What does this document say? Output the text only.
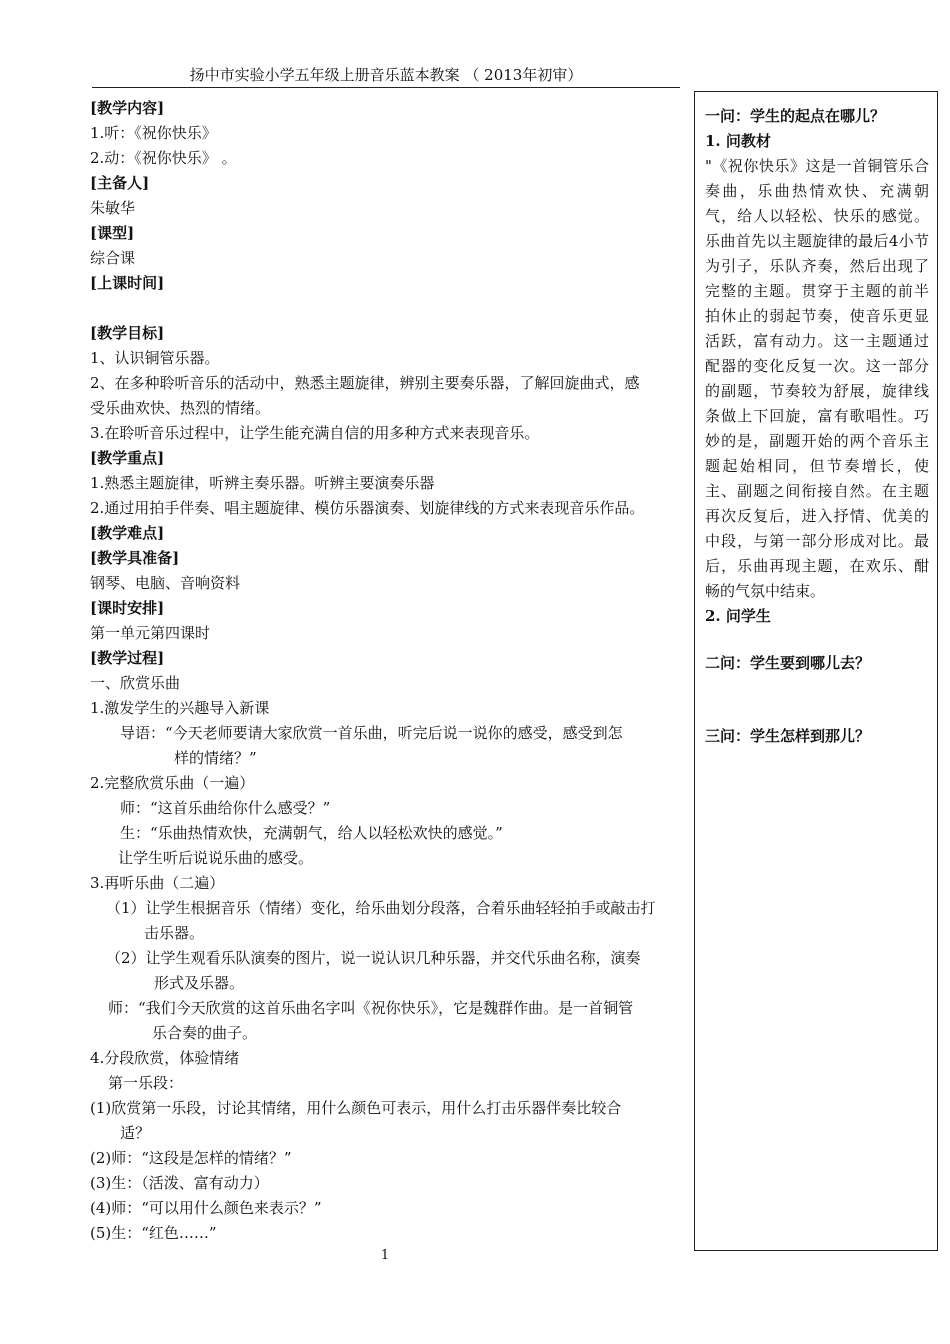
扬中市实验小学五年级上册音乐蓝本教案 （ 2013年初审）

[教学内容]

1.听：《祝你快乐》

2.动：《祝你快乐》 。

[主备人]

朱敏华

[课型]

综合课

[上课时间]

[教学目标]

1、认识铜管乐器。

2、在多种聆听音乐的活动中，熟悉主题旋律，辨别主要奏乐器，了解回旋曲式，感

受乐曲欢快、热烈的情绪。

3.在聆听音乐过程中，让学生能充满自信的用多种方式来表现音乐。

[教学重点]

1.熟悉主题旋律，听辨主奏乐器。听辨主要演奏乐器

2.通过用拍手伴奏、唱主题旋律、模仿乐器演奏、划旋律线的方式来表现音乐作品。

[教学难点]

[教学具准备]

钢琴、电脑、音响资料

[课时安排]

第一单元第四课时

[教学过程]

一、欣赏乐曲

1.激发学生的兴趣导入新课

导语：“今天老师要请大家欣赏一首乐曲，听完后说一说你的感受，感受到怎

样的情绪？”

2.完整欣赏乐曲（一遍）

师：“这首乐曲给你什么感受？”

生：“乐曲热情欢快，充满朝气，给人以轻松欢快的感觉。”

让学生听后说说乐曲的感受。

3.再听乐曲（二遍）

（1）让学生根据音乐（情绪）变化，给乐曲划分段落，合着乐曲轻轻拍手或敲击打

击乐器。

（2）让学生观看乐队演奏的图片，说一说认识几种乐器，并交代乐曲名称，演奏

形式及乐器。

师：“我们今天欣赏的这首乐曲名字叫《祝你快乐》，它是魏群作曲。是一首铜管

乐合奏的曲子。

4.分段欣赏，体验情绪

第一乐段：

(1)欣赏第一乐段，讨论其情绪，用什么颜色可表示，用什么打击乐器伴奏比较合

适？

(2)师：“这段是怎样的情绪？”

(3)生：（活泼、富有动力）

(4)师：“可以用什么颜色来表示？”

(5)生：“红色……”

一问：学生的起点在哪儿？

1. 问教材

"《祝你快乐》这是一首铜管乐合奏曲，乐曲热情欢快、充满朝气，给人以轻松、快乐的感觉。乐曲首先以主题旋律的最后4小节为引子，乐队齐奏，然后出现了完整的主题。贯穿于主题的前半拍休止的弱起节奏，使音乐更显活跃，富有动力。这一主题通过配器的变化反复一次。这一部分的副题，节奏较为舒展，旋律线条做上下回旋，富有歌唱性。巧妙的是，副题开始的两个音乐主题起始相同，但节奏增长，使主、副题之间衔接自然。在主题再次反复后，进入抒情、优美的中段，与第一部分形成对比。最后，乐曲再现主题，在欢乐、酣畅的气氛中结束。

2. 问学生

二问：学生要到哪儿去？

三问：学生怎样到那儿？

1
